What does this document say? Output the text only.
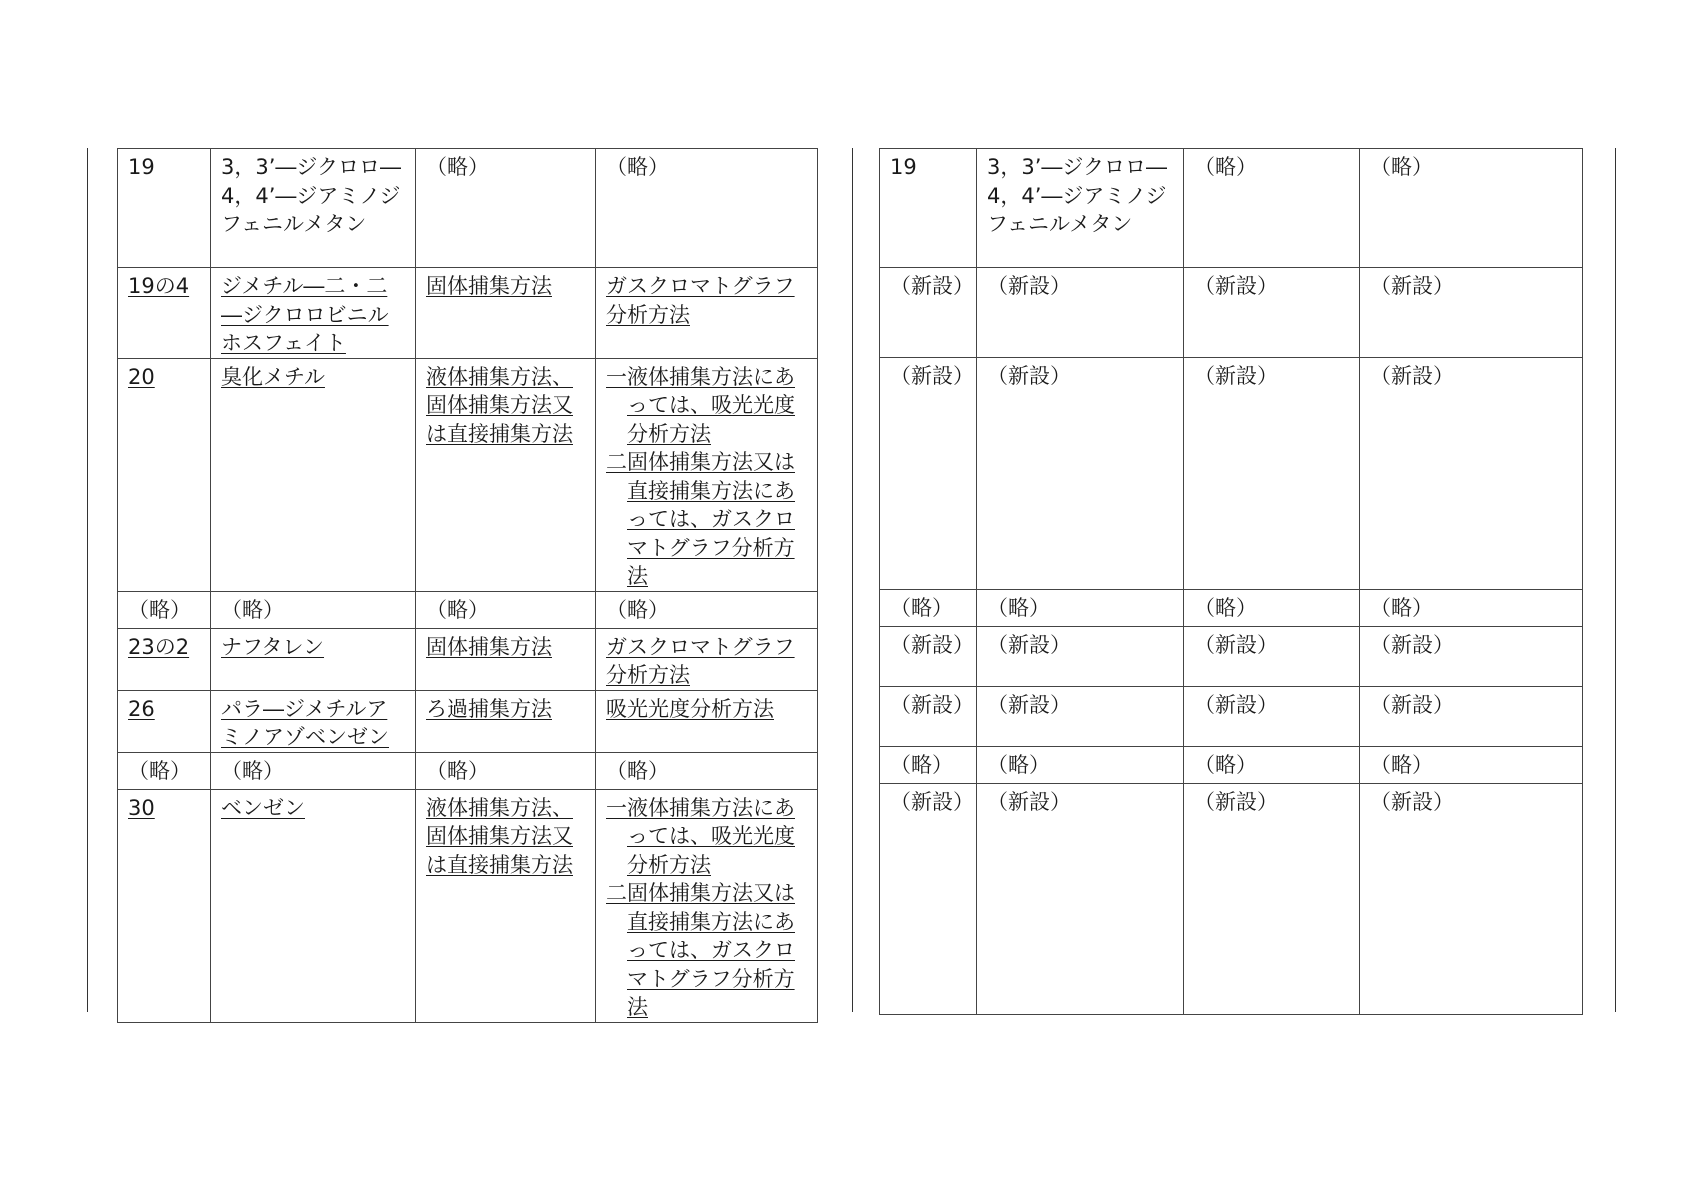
19	3，3’―ジクロロ―4，4’―ジアミノジフェニルメタン	（略）	（略）
19の4	ジメチル―二・二―ジクロロビニルホスフェイト	固体捕集方法	ガスクロマトグラフ分析方法
20	臭化メチル	液体捕集方法、固体捕集方法又は直接捕集方法	一 液体捕集方法にあっては、吸光光度分析方法
二 固体捕集方法又は直接捕集方法にあっては、ガスクロマトグラフ分析方法

（略）	（略）	（略）	（略）
23の2	ナフタレン	固体捕集方法	ガスクロマトグラフ分析方法
26	パラ―ジメチルアミノアゾベンゼン	ろ過捕集方法	吸光光度分析方法
（略）	（略）	（略）	（略）
30	ベンゼン	液体捕集方法、固体捕集方法又は直接捕集方法	一 液体捕集方法にあっては、吸光光度分析方法
二 固体捕集方法又は直接捕集方法にあっては、ガスクロマトグラフ分析方法
19	3，3’―ジクロロ―4，4’―ジアミノジフェニルメタン	（略）	（略）
（新設）	（新設）	（新設）	（新設）
（新設）	（新設）	（新設）	（新設）
（略）	（略）	（略）	（略）
（新設）	（新設）	（新設）	（新設）
（新設）	（新設）	（新設）	（新設）
（略）	（略）	（略）	（略）
（新設）	（新設）	（新設）	（新設）
